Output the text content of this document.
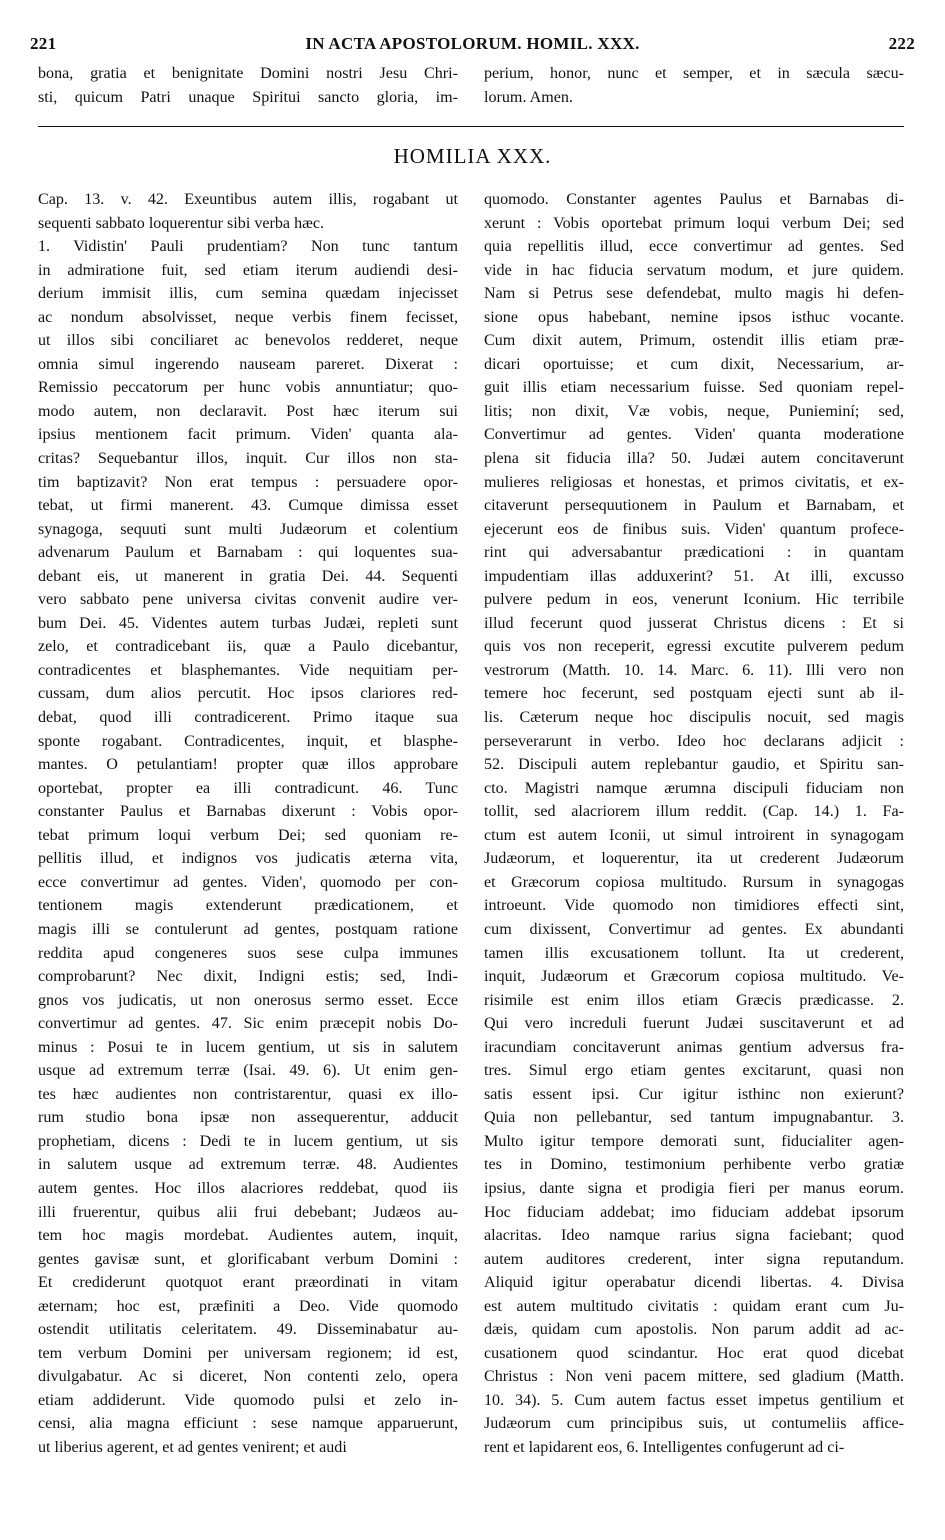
221	IN ACTA APOSTOLORUM. HOMIL. XXX.	222
bona, gratia et benignitate Domini nostri Jesu Chri-
sti, quicum Patri unaque Spiritui sancto gloria, im-
perium, honor, nunc et semper, et in sæcula sæcu-
lorum. Amen.
HOMILIA XXX.
Cap. 13. v. 42. Exeuntibus autem illis, rogabant ut
sequenti sabbato loquerentur sibi verba hæc.
1. Vidistin' Pauli prudentiam? Non tunc tantum
in admiratione fuit, sed etiam iterum audiendi desi-
derium immisit illis, cum semina quædam injecisset
ac nondum absolvisset, neque verbis finem fecisset,
ut illos sibi conciliaret ac benevolos redderet, neque
omnia simul ingerendo nauseam pareret. Dixerat :
Remissio peccatorum per hunc vobis annuntiatur; quo-
modo autem, non declaravit. Post hæc iterum sui
ipsius mentionem facit primum. Viden' quanta ala-
critas? Sequebantur illos, inquit. Cur illos non sta-
tim baptizavit? Non erat tempus : persuadere opor-
tebat, ut firmi manerent. 43. Cumque dimissa esset
synagoga, sequuti sunt multi Judæorum et colentium
advenarum Paulum et Barnabam : qui loquentes sua-
debant eis, ut manerent in gratia Dei. 44. Sequenti
vero sabbato pene universa civitas convenit audire ver-
bum Dei. 45. Videntes autem turbas Judæi, repleti sunt
zelo, et contradicebant iis, quæ a Paulo dicebantur,
contradicentes et blasphemantes. Vide nequitiam per-
cussam, dum alios percutit. Hoc ipsos clariores red-
debat, quod illi contradicerent. Primo itaque sua
sponte rogabant. Contradicentes, inquit, et blasphe-
mantes. O petulantiam! propter quæ illos approbare
oportebat, propter ea illi contradicunt. 46. Tunc
constanter Paulus et Barnabas dixerunt : Vobis opor-
tebat primum loqui verbum Dei; sed quoniam re-
pellitis illud, et indignos vos judicatis æterna vita,
ecce convertimur ad gentes. Viden', quomodo per con-
tentionem magis extenderunt prædicationem, et
magis illi se contulerunt ad gentes, postquam ratione
reddita apud congeneres suos sese culpa immunes
comprobarunt? Nec dixit, Indigni estis; sed, Indi-
gnos vos judicatis, ut non onerosus sermo esset. Ecce
convertimur ad gentes. 47. Sic enim præcepit nobis Do-
minus : Posui te in lucem gentium, ut sis in salutem
usque ad extremum terræ (Isai. 49. 6). Ut enim gen-
tes hæc audientes non contristarentur, quasi ex illo-
rum studio bona ipsæ non assequerentur, adducit
prophetiam, dicens : Dedi te in lucem gentium, ut sis
in salutem usque ad extremum terræ. 48. Audientes
autem gentes. Hoc illos alacriores reddebat, quod iis
illi fruerentur, quibus alii frui debebant; Judæos au-
tem hoc magis mordebat. Audientes autem, inquit,
gentes gavisæ sunt, et glorificabant verbum Domini :
Et crediderunt quotquot erant præordinati in vitam
æternam; hoc est, præfiniti a Deo. Vide quomodo
ostendit utilitatis celeritatem. 49. Disseminabatur au-
tem verbum Domini per universam regionem; id est,
divulgabatur. Ac si diceret, Non contenti zelo, opera
etiam addiderunt. Vide quomodo pulsi et zelo in-
censi, alia magna efficiunt : sese namque apparuerunt,
ut liberius agerent, et ad gentes venirent; et audi
quomodo. Constanter agentes Paulus et Barnabas di-
xerunt : Vobis oportebat primum loqui verbum Dei; sed
quia repellitis illud, ecce convertimur ad gentes. Sed
vide in hac fiducia servatum modum, et jure quidem.
Nam si Petrus sese defendebat, multo magis hi defen-
sione opus habebant, nemine ipsos isthuc vocante.
Cum dixit autem, Primum, ostendit illis etiam præ-
dicari oportuisse; et cum dixit, Necessarium, ar-
guit illis etiam necessarium fuisse. Sed quoniam repel-
litis; non dixit, Væ vobis, neque, Punieminí; sed,
Convertimur ad gentes. Viden' quanta moderatione
plena sit fiducia illa? 50. Judæi autem concitaverunt
mulieres religiosas et honestas, et primos civitatis, et ex-
citaverunt persequutionem in Paulum et Barnabam, et
ejecerunt eos de finibus suis. Viden' quantum profece-
rint qui adversabantur prædicationi : in quantam
impudentiam illas adduxerint? 51. At illi, excusso
pulvere pedum in eos, venerunt Iconium. Hic terribile
illud fecerunt quod jusserat Christus dicens : Et si
quis vos non receperit, egressi excutite pulverem pedum
vestrorum (Matth. 10. 14. Marc. 6. 11). Illi vero non
temere hoc fecerunt, sed postquam ejecti sunt ab il-
lis. Cæterum neque hoc discipulis nocuit, sed magis
perseverarunt in verbo. Ideo hoc declarans adjicit :
52. Discipuli autem replebantur gaudio, et Spiritu san-
cto. Magistri namque ærumna discipuli fiduciam non
tollit, sed alacriorem illum reddit. (Cap. 14.) 1. Fa-
ctum est autem Iconii, ut simul introirent in synagogam
Judæorum, et loquerentur, ita ut crederent Judæorum
et Græcorum copiosa multitudo. Rursum in synagogas
introeunt. Vide quomodo non timidiores effecti sint,
cum dixissent, Convertimur ad gentes. Ex abundanti
tamen illis excusationem tollunt. Ita ut crederent,
inquit, Judæorum et Græcorum copiosa multitudo. Ve-
risimile est enim illos etiam Græcis prædicasse. 2.
Qui vero increduli fuerunt Judæi suscitaverunt et ad
iracundiam concitaverunt animas gentium adversus fra-
tres. Simul ergo etiam gentes excitarunt, quasi non
satis essent ipsi. Cur igitur isthinc non exierunt?
Quia non pellebantur, sed tantum impugnabantur. 3.
Multo igitur tempore demorati sunt, fiducialiter agen-
tes in Domino, testimonium perhibente verbo gratiæ
ipsius, dante signa et prodigia fieri per manus eorum.
Hoc fiduciam addebat; imo fiduciam addebat ipsorum
alacritas. Ideo namque rarius signa faciebant; quod
autem auditores crederent, inter signa reputandum.
Aliquid igitur operabatur dicendi libertas. 4. Divisa
est autem multitudo civitatis : quidam erant cum Ju-
dæis, quidam cum apostolis. Non parum addit ad ac-
cusationem quod scindantur. Hoc erat quod dicebat
Christus : Non veni pacem mittere, sed gladium (Matth.
10. 34). 5. Cum autem factus esset impetus gentilium et
Judæorum cum principibus suis, ut contumeliis affice-
rent et lapidarent eos, 6. Intelligentes confugerunt ad ci-
